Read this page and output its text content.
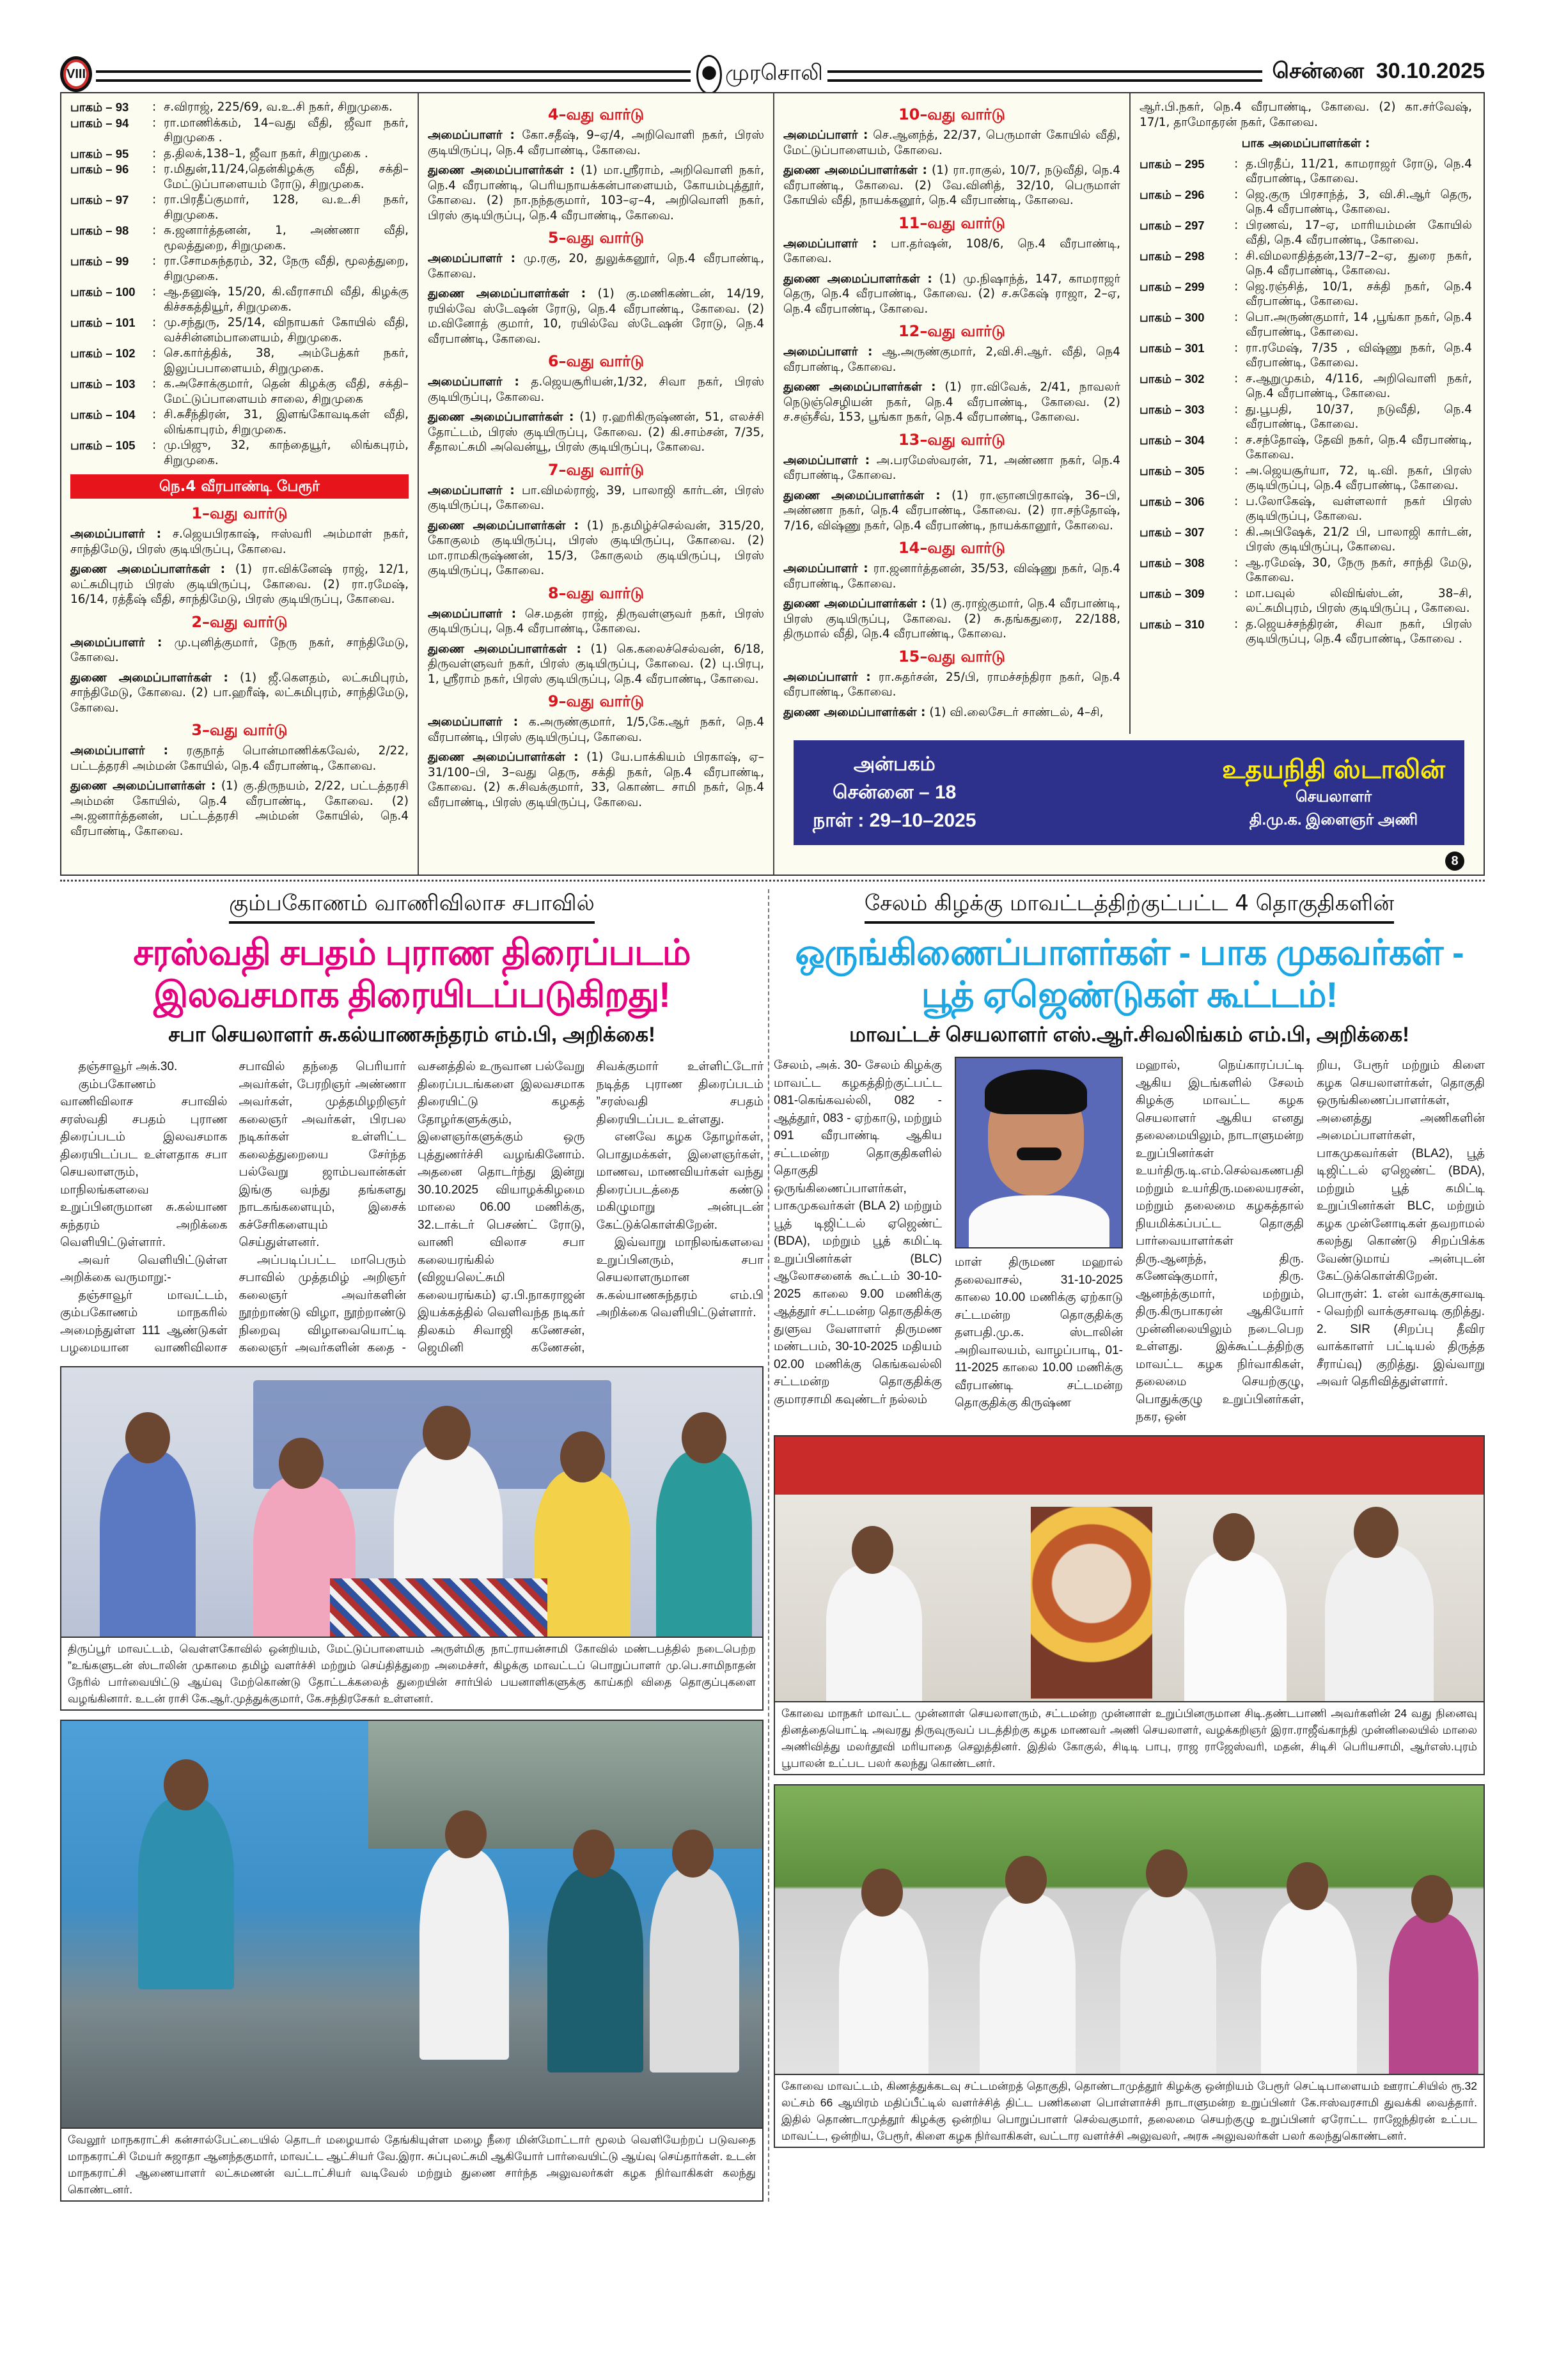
VIII	முரசொலி	சென்னை 30.10.2025
பாகம் – 93	: ச.விராஜ், 225/69, வ.உ.சி நகர், சிறுமுகை.
பாகம் – 94	: ரா.மாணிக்கம், 14–வது வீதி, ஜீவா நகர், சிறுமுகை .
பாகம் – 95	: த.திலக்,138–1, ஜீவா நகர், சிறுமுகை .
பாகம் – 96	: ர.மிதுன்,11/24,தென்கிழக்கு வீதி, சக்தி–மேட்டுப்பாளையம் ரோடு, சிறுமுகை.
பாகம் – 97	: ரா.பிரதீப்குமார், 128, வ.உ.சி நகர், சிறுமுகை.
பாகம் – 98	: சு.ஜனார்த்தனன், 1, அண்ணா வீதி, மூலத்துறை, சிறுமுகை.
பாகம் – 99	: ரா.சோமசுந்தரம், 32, நேரு வீதி, மூலத்துறை, சிறுமுகை.
பாகம் – 100	: ஆ.தனுஷ், 15/20, கி.வீராசாமி வீதி, கிழக்கு கிச்சகத்தியூர், சிறுமுகை.
பாகம் – 101	: மு.சந்துரு, 25/14, விநாயகர் கோயில் வீதி, வச்சின்னம்பாளையம், சிறுமுகை.
பாகம் – 102	: செ.கார்த்திக், 38, அம்பேத்கர் நகர், இலுப்பபாளையம், சிறுமுகை.
பாகம் – 103	: க.அசோக்குமார், தென் கிழக்கு வீதி, சக்தி–மேட்டுப்பாளையம் சாலை, சிறுமுகை
பாகம் – 104	: சி.சுசீந்திரன், 31, இளங்கோவடிகள் வீதி, லிங்காபுரம், சிறுமுகை.
பாகம் – 105	: மு.பிஜு, 32, காந்தையூர், லிங்கபுரம், சிறுமுகை.
நெ.4 வீரபாண்டி பேரூர்
1–வது வார்டு

அமைப்பாளர் : ச.ஜெயபிரகாஷ், ஈஸ்வரி அம்மாள் நகர், சாந்திமேடு, பிரஸ் குடியிருப்பு, கோவை.

துணை அமைப்பாளர்கள் : (1) ரா.விக்னேஷ் ராஜ், 12/1, லட்சுமிபுரம் பிரஸ் குடியிருப்பு, கோவை. (2) ரா.ரமேஷ், 16/14, ரத்தீஷ் வீதி, சாந்திமேடு, பிரஸ் குடியிருப்பு, கோவை.

2–வது வார்டு

அமைப்பாளர் : மு.புனித்குமார், நேரு நகர், சாந்திமேடு, கோவை.

துணை அமைப்பாளர்கள் : (1) ஜீ.கௌதம், லட்சுமிபுரம், சாந்திமேடு, கோவை. (2) பா.ஹரீஷ், லட்சுமிபுரம், சாந்திமேடு, கோவை.

3–வது வார்டு

அமைப்பாளர் : ரகுநாத் பொன்மாணிக்கவேல், 2/22, பட்டத்தரசி அம்மன் கோயில், நெ.4 வீரபாண்டி, கோவை.

துணை அமைப்பாளர்கள் : (1) கு.திருநயம், 2/22, பட்டத்தரசி அம்மன் கோயில், நெ.4 வீரபாண்டி, கோவை. (2) அ.ஜனார்த்தனன், பட்டத்தரசி அம்மன் கோயில், நெ.4 வீரபாண்டி, கோவை.

4–வது வார்டு

அமைப்பாளர் : கோ.சதீஷ், 9–ஏ/4, அறிவொளி நகர், பிரஸ் குடியிருப்பு, நெ.4 வீரபாண்டி, கோவை.

துணை அமைப்பாளர்கள் : (1) மா.ஸ்ரீராம், அறிவொளி நகர், நெ.4 வீரபாண்டி, பெரியநாயக்கன்பாளையம், கோயம்புத்தூர், கோவை. (2) நா.நந்தகுமார், 103–ஏ–4, அறிவொளி நகர், பிரஸ் குடியிருப்பு, நெ.4 வீரபாண்டி, கோவை.

5–வது வார்டு

அமைப்பாளர் : மு.ரகு, 20, துலுக்கனூர், நெ.4 வீரபாண்டி, கோவை.

துணை அமைப்பாளர்கள் : (1) கு.மணிகண்டன், 14/19, ரயில்வே ஸ்டேஷன் ரோடு, நெ.4 வீரபாண்டி, கோவை. (2) ம.வினோத் குமார், 10, ரயில்வே ஸ்டேஷன் ரோடு, நெ.4 வீரபாண்டி, கோவை.

6–வது வார்டு

அமைப்பாளர் : த.ஜெயசூரியன்,1/32, சிவா நகர், பிரஸ் குடியிருப்பு, கோவை.

துணை அமைப்பாளர்கள் : (1) ர.ஹரிகிருஷ்ணன், 51, எலச்சி தோட்டம், பிரஸ் குடியிருப்பு, கோவை. (2) கி.சாம்சன், 7/35, சீதாலட்சுமி அவென்யூ, பிரஸ் குடியிருப்பு, கோவை.

7–வது வார்டு

அமைப்பாளர் : பா.விமல்ராஜ், 39, பாலாஜி கார்டன், பிரஸ் குடியிருப்பு, கோவை.

துணை அமைப்பாளர்கள் : (1) ந.தமிழ்ச்செல்வன், 315/20, கோகுலம் குடியிருப்பு, பிரஸ் குடியிருப்பு, கோவை. (2) மா.ராமகிருஷ்ணன், 15/3, கோகுலம் குடியிருப்பு, பிரஸ் குடியிருப்பு, கோவை.

8–வது வார்டு

அமைப்பாளர் : செ.மதன் ராஜ், திருவள்ளுவர் நகர், பிரஸ் குடியிருப்பு, நெ.4 வீரபாண்டி, கோவை.

துணை அமைப்பாளர்கள் : (1) கெ.கலைச்செல்வன், 6/18, திருவள்ளுவர் நகர், பிரஸ் குடியிருப்பு, கோவை. (2) பு.பிரபு, 1, ஸ்ரீராம் நகர், பிரஸ் குடியிருப்பு, நெ.4 வீரபாண்டி, கோவை.

9–வது வார்டு

அமைப்பாளர் : க.அருண்குமார், 1/5,கே.ஆர் நகர், நெ.4 வீரபாண்டி, பிரஸ் குடியிருப்பு, கோவை.

துணை அமைப்பாளர்கள் : (1) யே.பாக்கியம் பிரகாஷ், ஏ–31/100–பி, 3–வது தெரு, சக்தி நகர், நெ.4 வீரபாண்டி, கோவை. (2) சு.சிவக்குமார், 33, கொண்ட சாமி நகர், நெ.4 வீரபாண்டி, பிரஸ் குடியிருப்பு, கோவை.

10–வது வார்டு

அமைப்பாளர் : செ.ஆனந்த், 22/37, பெருமாள் கோயில் வீதி, மேட்டுப்பாளையம், கோவை.

துணை அமைப்பாளர்கள் : (1) ரா.ராகுல், 10/7, நடுவீதி, நெ.4 வீரபாண்டி, கோவை. (2) வே.வினித், 32/10, பெருமாள் கோயில் வீதி, நாயக்கனூர், நெ.4 வீரபாண்டி, கோவை.

11–வது வார்டு

அமைப்பாளர் : பா.தர்ஷன், 108/6, நெ.4 வீரபாண்டி, கோவை.

துணை அமைப்பாளர்கள் : (1) மு.நிஷாந்த், 147, காமராஜர் தெரு, நெ.4 வீரபாண்டி, கோவை. (2) ச.சுகேஷ் ராஜா, 2–ஏ, நெ.4 வீரபாண்டி, கோவை.

12–வது வார்டு

அமைப்பாளர் : ஆ.அருண்குமார், 2,வி.சி.ஆர். வீதி, நெ4 வீரபாண்டி, கோவை.

துணை அமைப்பாளர்கள் : (1) ரா.விவேக், 2/41, நாவலர் நெடுஞ்செழியன் நகர், நெ.4 வீரபாண்டி, கோவை. (2) ச.சஞ்சீவ், 153, பூங்கா நகர், நெ.4 வீரபாண்டி, கோவை.

13–வது வார்டு

அமைப்பாளர் : அ.பரமேஸ்வரன், 71, அண்ணா நகர், நெ.4 வீரபாண்டி, கோவை.

துணை அமைப்பாளர்கள் : (1) ரா.ஞானபிரகாஷ், 36–பி, அண்ணா நகர், நெ.4 வீரபாண்டி, கோவை. (2) ரா.சந்தோஷ், 7/16, விஷ்ணு நகர், நெ.4 வீரபாண்டி, நாயக்கானூர், கோவை.

14–வது வார்டு

அமைப்பாளர் : ரா.ஜனார்த்தனன், 35/53, விஷ்ணு நகர், நெ.4 வீரபாண்டி, கோவை.

துணை அமைப்பாளர்கள் : (1) கு.ராஜ்குமார், நெ.4 வீரபாண்டி, பிரஸ் குடியிருப்பு, கோவை. (2) சு.தங்கதுரை, 22/188, திருமால் வீதி, நெ.4 வீரபாண்டி, கோவை.

15–வது வார்டு

அமைப்பாளர் : ரா.சுதர்சன், 25/பி, ராமச்சந்திரா நகர், நெ.4 வீரபாண்டி, கோவை.

துணை அமைப்பாளர்கள் : (1) வி.லைசேடர் சாண்டல், 4–சி,

ஆர்.பி.நகர், நெ.4 வீரபாண்டி, கோவை. (2) கா.சர்வேஷ், 17/1, தாமோதரன் நகர், கோவை.
பாக அமைப்பாளர்கள் :
பாகம் – 295	: த.பிரதீப், 11/21, காமராஜர் ரோடு, நெ.4 வீரபாண்டி, கோவை.
பாகம் – 296	: ஜெ.குரு பிரசாந்த், 3, வி.சி.ஆர் தெரு, நெ.4 வீரபாண்டி, கோவை.
பாகம் – 297	: பிரணவ், 17–ஏ, மாரியம்மன் கோயில் வீதி, நெ.4 வீரபாண்டி, கோவை.
பாகம் – 298	: சி.விமலாதித்தன்,13/7–2–ஏ, துரை நகர், நெ.4 வீரபாண்டி, கோவை.
பாகம் – 299	: ஜெ.ரஞ்சித், 10/1, சக்தி நகர், நெ.4 வீரபாண்டி, கோவை.
பாகம் – 300	: பொ.அருண்குமார், 14 ,பூங்கா நகர், நெ.4 வீரபாண்டி, கோவை.
பாகம் – 301	: ரா.ரமேஷ், 7/35 , விஷ்ணு நகர், நெ.4 வீரபாண்டி, கோவை.
பாகம் – 302	: ச.ஆறுமுகம், 4/116, அறிவொளி நகர், நெ.4 வீரபாண்டி, கோவை.
பாகம் – 303	: து.பூபதி, 10/37, நடுவீதி, நெ.4 வீரபாண்டி, கோவை.
பாகம் – 304	: ச.சந்தோஷ், தேவி நகர், நெ.4 வீரபாண்டி, கோவை.
பாகம் – 305	: அ.ஜெயசூர்யா, 72, டி.வி. நகர், பிரஸ் குடியிருப்பு, நெ.4 வீரபாண்டி, கோவை.
பாகம் – 306	: ப.லோகேஷ், வள்ளலார் நகர் பிரஸ் குடியிருப்பு, கோவை.
பாகம் – 307	: கி.அபிஷேக், 21/2 பி, பாலாஜி கார்டன், பிரஸ் குடியிருப்பு, கோவை.
பாகம் – 308	: ஆ.ரமேஷ், 30, நேரு நகர், சாந்தி மேடு, கோவை.
பாகம் – 309	: மா.பவுல் லிவிங்ஸ்டன், 38–சி, லட்சுமிபுரம், பிரஸ் குடியிருப்பு , கோவை.
பாகம் – 310	: த.ஜெயச்சந்திரன், சிவா நகர், பிரஸ் குடியிருப்பு, நெ.4 வீரபாண்டி, கோவை .
அன்பகம்
சென்னை – 18
நாள் : 29–10–2025
உதயநிதி ஸ்டாலின்
செயலாளர்
தி.மு.க. இளைஞர் அணி
8
கும்பகோணம் வாணிவிலாச சபாவில்
சரஸ்வதி சபதம் புராண திரைப்படம் இலவசமாக திரையிடப்படுகிறது!
சபா செயலாளர் சு.கல்யாணசுந்தரம் எம்.பி, அறிக்கை!

தஞ்சாவூர் அக்.30.

கும்பகோணம் வாணிவிலாச சபாவில் சரஸ்வதி சபதம் புராண திரைப்படம் இலவசமாக திரையிடப்பட உள்ளதாக சபா செயலாளரும், மாநிலங்களவை உறுப்பினருமான சு.கல்யாண சுந்தரம் அறிக்கை வெளியிட்டுள்ளார்.

அவர் வெளியிட்டுள்ள அறிக்கை வருமாறு:-

தஞ்சாவூர் மாவட்டம், கும்பகோணம் மாநகரில் அமைந்துள்ள 111 ஆண்டுகள் பழமையான வாணிவிலாச சபாவில் தந்தை பெரியார் அவர்கள், பேரறிஞர் அண்ணா அவர்கள், முத்தமிழறிஞர் கலைஞர் அவர்கள், பிரபல நடிகர்கள் உள்ளிட்ட கலைத்துறையை சேர்ந்த பல்வேறு ஜாம்பவான்கள் இங்கு வந்து தங்களது நாடகங்களையும், இசைக் கச்சேரிகளையும் செய்துள்ளனர்.

அப்படிப்பட்ட மாபெரும் சபாவில் முத்தமிழ் அறிஞர் கலைஞர் அவர்களின் நூற்றாண்டு விழா, நூற்றாண்டு நிறைவு விழாவையொட்டி கலைஞர் அவர்களின் கதை - வசனத்தில் உருவான பல்வேறு திரைப்படங்களை இலவசமாக திரையிட்டு கழகத் தோழர்களுக்கும், இளைஞர்களுக்கும் ஒரு புத்துணர்ச்சி வழங்கினோம். அதனை தொடர்ந்து இன்று 30.10.2025 வியாழக்கிழமை மாலை 06.00 மணிக்கு, 32.டாக்டர் பெசண்ட் ரோடு, வாணி விலாச சபா கலையரங்கில் (விஜயலெட்சுமி கலையரங்கம்) ஏ.பி.நாகராஜன் இயக்கத்தில் வெளிவந்த நடிகர் திலகம் சிவாஜி கணேசன், ஜெமினி கணேசன், சிவக்குமார் உள்ளிட்டோர் நடித்த புராண திரைப்படம் ”சரஸ்வதி சபதம் திரையிடப்பட உள்ளது.

எனவே கழக தோழர்கள், பொதுமக்கள், இளைஞர்கள், மாணவ, மாணவியர்கள் வந்து திரைப்படத்தை கண்டு மகிழுமாறு அன்புடன் கேட்டுக்கொள்கிறேன்.

இவ்வாறு மாநிலங்களவை உறுப்பினரும், சபா செயலாளருமான சு.கல்யாணசுந்தரம் எம்.பி அறிக்கை வெளியிட்டுள்ளார்.

திருப்பூர் மாவட்டம், வெள்ளகோவில் ஒன்றியம், மேட்டுப்பாளையம் அருள்மிகு நாட்ராயன்சாமி கோவில் மண்டபத்தில் நடைபெற்ற ”உங்களுடன் ஸ்டாலின் முகாமை தமிழ் வளர்ச்சி மற்றும் செய்தித்துறை அமைச்சர், கிழக்கு மாவட்டப் பொறுப்பாளர் மு.பெ.சாமிநாதன் நேரில் பார்வையிட்டு ஆய்வு மேற்கொண்டு தோட்டக்கலைத் துறையின் சார்பில் பயனாளிகளுக்கு காய்கறி விதை தொகுப்புகளை வழங்கினார். உடன் ராசி கே.ஆர்.முத்துக்குமார், கே.சந்திரசேகர் உள்ளனர்.
வேலூர் மாநகராட்சி கன்சால்பேட்டையில் தொடர் மழையால் தேங்கியுள்ள மழை நீரை மின்மோட்டார் மூலம் வெளியேற்றப் படுவதை மாநகராட்சி மேயர் சுஜாதா ஆனந்தகுமார், மாவட்ட ஆட்சியர் வே.இரா. சுப்புலட்சுமி ஆகியோர் பார்வையிட்டு ஆய்வு செய்தார்கள். உடன் மாநகராட்சி ஆணையாளர் லட்சுமணன் வட்டாட்சியர் வடிவேல் மற்றும் துணை சார்ந்த அலுவலர்கள் கழக நிர்வாகிகள் கலந்து கொண்டனர்.
சேலம் கிழக்கு மாவட்டத்திற்குட்பட்ட 4 தொகுதிகளின்
ஒருங்கிணைப்பாளர்கள் - பாக முகவர்கள் - பூத் ஏஜெண்டுகள் கூட்டம்!
மாவட்டச் செயலாளர் எஸ்.ஆர்.சிவலிங்கம் எம்.பி, அறிக்கை!
சேலம், அக். 30- சேலம் கிழக்கு மாவட்ட கழகத்திற்குட்பட்ட 081-கெங்கவல்லி, 082 - ஆத்தூர், 083 - ஏற்காடு, மற்றும் 091 வீரபாண்டி ஆகிய சட்டமன்ற தொகுதிகளில் தொகுதி ஒருங்கிணைப்பாளர்கள், பாகமுகவர்கள் (BLA 2) மற்றும் பூத் டிஜிட்டல் ஏஜெண்ட் (BDA), மற்றும் பூத் கமிட்டி உறுப்பினர்கள் (BLC) ஆலோசனைக் கூட்டம் 30-10-2025 காலை 9.00 மணிக்கு ஆத்தூர் சட்டமன்ற தொகுதிக்கு துளுவ வேளாளர் திருமண மண்டபம், 30-10-2025 மதியம் 02.00 மணிக்கு கெங்கவல்லி சட்டமன்ற தொகுதிக்கு குமாரசாமி கவுண்டர் நல்லம்
மாள் திருமண மஹால் தலைவாசல், 31-10-2025 காலை 10.00 மணிக்கு ஏற்காடு சட்டமன்ற தொகுதிக்கு தளபதி.மு.க. ஸ்டாலின் அறிவாலயம், வாழப்பாடி, 01-11-2025 காலை 10.00 மணிக்கு வீரபாண்டி சட்டமன்ற தொகுதிக்கு கிருஷ்ண
மஹால், நெய்காரப்பட்டி ஆகிய இடங்களில் சேலம் கிழக்கு மாவட்ட கழக செயலாளர் ஆகிய எனது தலைமையிலும், நாடாளுமன்ற உறுப்பினர்கள் உயர்திரு.டி.எம்.செல்வகணபதி மற்றும் உயர்திரு.மலையரசன், மற்றும் தலைமை கழகத்தால் நியமிக்கப்பட்ட தொகுதி பார்வையாளர்கள் திரு.ஆனந்த், திரு. கணேஷ்குமார், திரு. ஆனந்த்குமார், மற்றும், திரு.கிருபாகரன் ஆகியோர் முன்னிலையிலும் நடைபெற உள்ளது. இக்கூட்டத்திற்கு மாவட்ட கழக நிர்வாகிகள், தலைமை செயற்குழு, பொதுக்குழு உறுப்பினர்கள், நகர, ஒன்
றிய, பேரூர் மற்றும் கிளை கழக செயலாளர்கள், தொகுதி ஒருங்கிணைப்பாளர்கள், அனைத்து அணிகளின் அமைப்பாளர்கள், பாகமுகவர்கள் (BLA2), பூத் டிஜிட்டல் ஏஜெண்ட் (BDA), மற்றும் பூத் கமிட்டி உறுப்பினர்கள் BLC, மற்றும் கழக முன்னோடிகள் தவறாமல் கலந்து கொண்டு சிறப்பிக்க வேண்டுமாய் அன்புடன் கேட்டுக்கொள்கிறேன். பொருள்: 1. என் வாக்குசாவடி - வெற்றி வாக்குசாவடி குறித்து. 2. SIR (சிறப்பு தீவிர வாக்காளர் பட்டியல் திருத்த சீராய்வு) குறித்து. இவ்வாறு அவர் தெரிவித்துள்ளார்.
கோவை மாநகர் மாவட்ட முன்னாள் செயலாளரும், சட்டமன்ற முன்னாள் உறுப்பினருமான சிடி.தண்டபாணி அவர்களின் 24 வது நினைவு தினத்தையொட்டி அவரது திருவுருவப் படத்திற்கு கழக மாணவர் அணி செயலாளர், வழக்கறிஞர் இரா.ராஜீவ்காந்தி முன்னிலையில் மாலை அணிவித்து மலர்தூவி மரியாதை செலுத்தினர். இதில் கோகுல், சிடிடி பாபு, ராஜ ராஜேஸ்வரி, மதன், சிடிசி பெரியசாமி, ஆர்எஸ்.புரம் பூபாலன் உட்பட பலர் கலந்து கொண்டனர்.
கோவை மாவட்டம், கிணத்துக்கடவு சட்டமன்றத் தொகுதி, தொண்டாமுத்தூர் கிழக்கு ஒன்றியம் பேரூர் செட்டிபாளையம் ஊராட்சியில் ரூ.32 லட்சம் 66 ஆயிரம் மதிப்பீட்டில் வளர்ச்சித் திட்ட பணிகளை பொள்ளாச்சி நாடாளுமன்ற உறுப்பினர் கே.ஈஸ்வரசாமி துவக்கி வைத்தார். இதில் தொண்டாமுத்தூர் கிழக்கு ஒன்றிய பொறுப்பாளர் செல்வகுமார், தலைமை செயற்குழு உறுப்பினர் ஏரோட்ட ராஜேந்திரன் உட்பட மாவட்ட, ஒன்றிய, பேரூர், கிளை கழக நிர்வாகிகள், வட்டார வளர்ச்சி அலுவலர், அரசு அலுவலர்கள் பலர் கலந்துகொண்டனர்.
